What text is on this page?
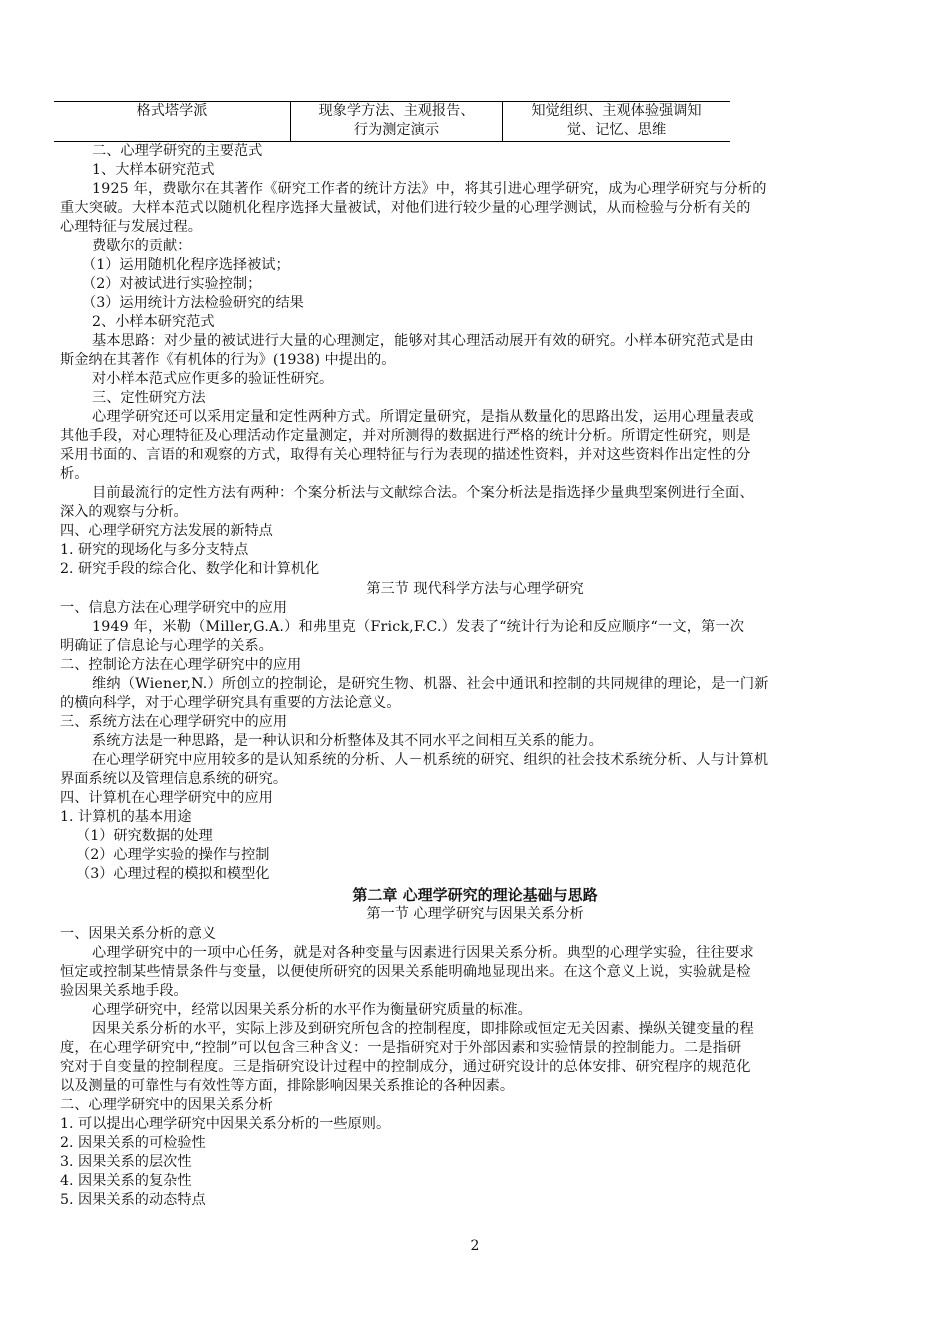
格式塔学派	现象学方法、主观报告、
行为测定演示
知觉组织、主观体验强调知
觉、记忆、思维
二、心理学研究的主要范式
1、大样本研究范式
1925 年，费歇尔在其著作《研究工作者的统计方法》中，将其引进心理学研究，成为心理学研究与分析的
重大突破。大样本范式以随机化程序选择大量被试，对他们进行较少量的心理学测试，从而检验与分析有关的
心理特征与发展过程。
费歇尔的贡献：
（1）运用随机化程序选择被试；
（2）对被试进行实验控制；
（3）运用统计方法检验研究的结果
2、小样本研究范式
基本思路：对少量的被试进行大量的心理测定，能够对其心理活动展开有效的研究。小样本研究范式是由
斯金纳在其著作《有机体的行为》(1938) 中提出的。
对小样本范式应作更多的验证性研究。
三、定性研究方法
心理学研究还可以采用定量和定性两种方式。所谓定量研究，是指从数量化的思路出发，运用心理量表或
其他手段，对心理特征及心理活动作定量测定，并对所测得的数据进行严格的统计分析。所谓定性研究，则是
采用书面的、言语的和观察的方式，取得有关心理特征与行为表现的描述性资料，并对这些资料作出定性的分
析。
目前最流行的定性方法有两种：个案分析法与文献综合法。个案分析法是指选择少量典型案例进行全面、
深入的观察与分析。
四、心理学研究方法发展的新特点
1. 研究的现场化与多分支特点
2. 研究手段的综合化、数学化和计算机化
第三节 现代科学方法与心理学研究
一、信息方法在心理学研究中的应用
1949 年，米勒（Miller,G.A.）和弗里克（Frick,F.C.）发表了“统计行为论和反应顺序“一文，第一次
明确证了信息论与心理学的关系。
二、控制论方法在心理学研究中的应用
维纳（Wiener,N.）所创立的控制论，是研究生物、机器、社会中通讯和控制的共同规律的理论，是一门新
的横向科学，对于心理学研究具有重要的方法论意义。
三、系统方法在心理学研究中的应用
系统方法是一种思路，是一种认识和分析整体及其不同水平之间相互关系的能力。
在心理学研究中应用较多的是认知系统的分析、人－机系统的研究、组织的社会技术系统分析、人与计算机
界面系统以及管理信息系统的研究。
四、计算机在心理学研究中的应用
1. 计算机的基本用途
（1）研究数据的处理
（2）心理学实验的操作与控制
（3）心理过程的模拟和模型化
第二章 心理学研究的理论基础与思路
第一节 心理学研究与因果关系分析
一、因果关系分析的意义
心理学研究中的一项中心任务，就是对各种变量与因素进行因果关系分析。典型的心理学实验，往往要求
恒定或控制某些情景条件与变量，以便使所研究的因果关系能明确地显现出来。在这个意义上说，实验就是检
验因果关系地手段。
心理学研究中，经常以因果关系分析的水平作为衡量研究质量的标准。
因果关系分析的水平，实际上涉及到研究所包含的控制程度，即排除或恒定无关因素、操纵关键变量的程
度，在心理学研究中,“控制”可以包含三种含义：一是指研究对于外部因素和实验情景的控制能力。二是指研
究对于自变量的控制程度。三是指研究设计过程中的控制成分，通过研究设计的总体安排、研究程序的规范化
以及测量的可靠性与有效性等方面，排除影响因果关系推论的各种因素。
二、心理学研究中的因果关系分析
1. 可以提出心理学研究中因果关系分析的一些原则。
2. 因果关系的可检验性
3. 因果关系的层次性
4. 因果关系的复杂性
5. 因果关系的动态特点
2
